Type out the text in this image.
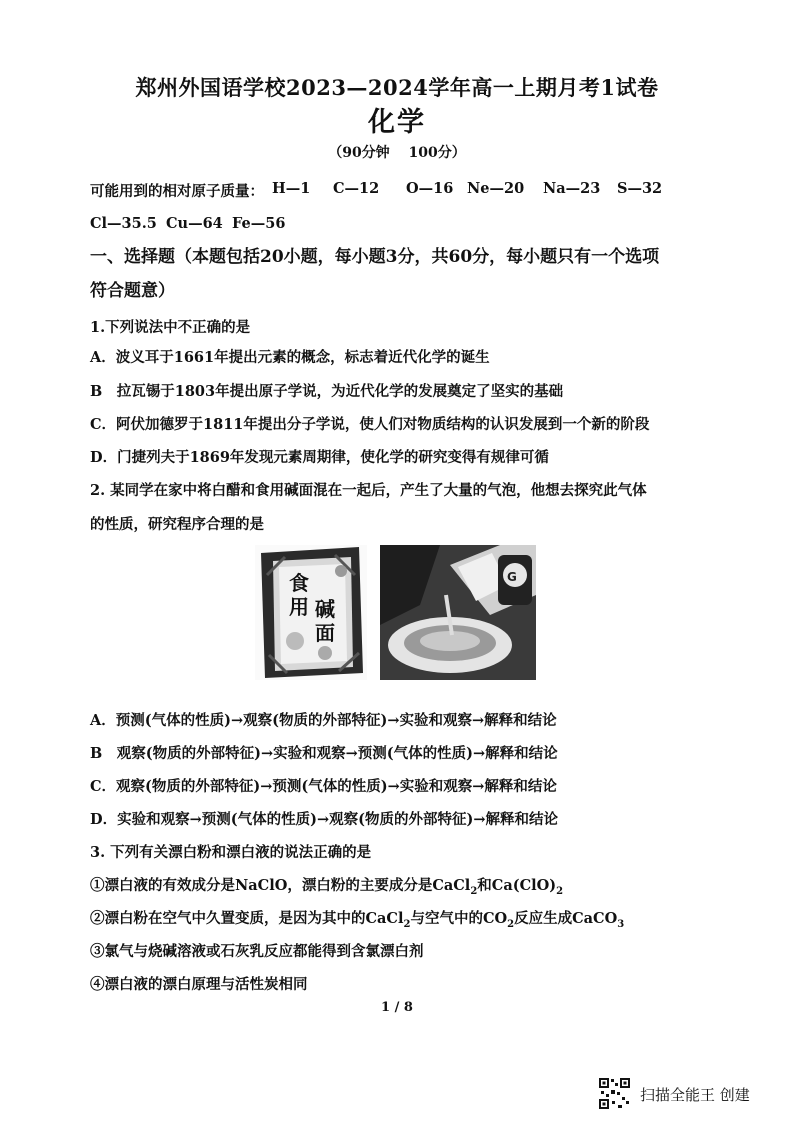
郑州外国语学校2023—2024学年高一上期月考1试卷
化学
（90分钟　 100分）
可能用到的相对原子质量： H—1 C—12 O—16 Ne—20 Na—23 S—32
Cl—35.5 Cu—64 Fe—56
一、选择题（本题包括20小题，每小题3分，共60分，每小题只有一个选项
符合题意）
1.下列说法中不正确的是
A．波义耳于1661年提出元素的概念，标志着近代化学的诞生
B　拉瓦锡于1803年提出原子学说，为近代化学的发展奠定了坚实的基础
C．阿伏加德罗于1811年提出分子学说，使人们对物质结构的认识发展到一个新的阶段
D．门捷列夫于1869年发现元素周期律，使化学的研究变得有规律可循
2. 某同学在家中将白醋和食用碱面混在一起后，产生了大量的气泡，他想去探究此气体
的性质，研究程序合理的是
食
用 碱
面
G
A．预测(气体的性质)→观察(物质的外部特征)→实验和观察→解释和结论
B　观察(物质的外部特征)→实验和观察→预测(气体的性质)→解释和结论
C．观察(物质的外部特征)→预测(气体的性质)→实验和观察→解释和结论
D．实验和观察→预测(气体的性质)→观察(物质的外部特征)→解释和结论
3. 下列有关漂白粉和漂白液的说法正确的是
①漂白液的有效成分是NaClO，漂白粉的主要成分是CaCl$_2$和$Ca(ClO)_2$
②漂白粉在空气中久置变质，是因为其中的CaCl$_2$与空气中的$CO_2$反应生成CaCO$_3$
③氯气与烧碱溶液或石灰乳反应都能得到含氯漂白剂
④漂白液的漂白原理与活性炭相同
1 / 8
扫描全能王 创建
